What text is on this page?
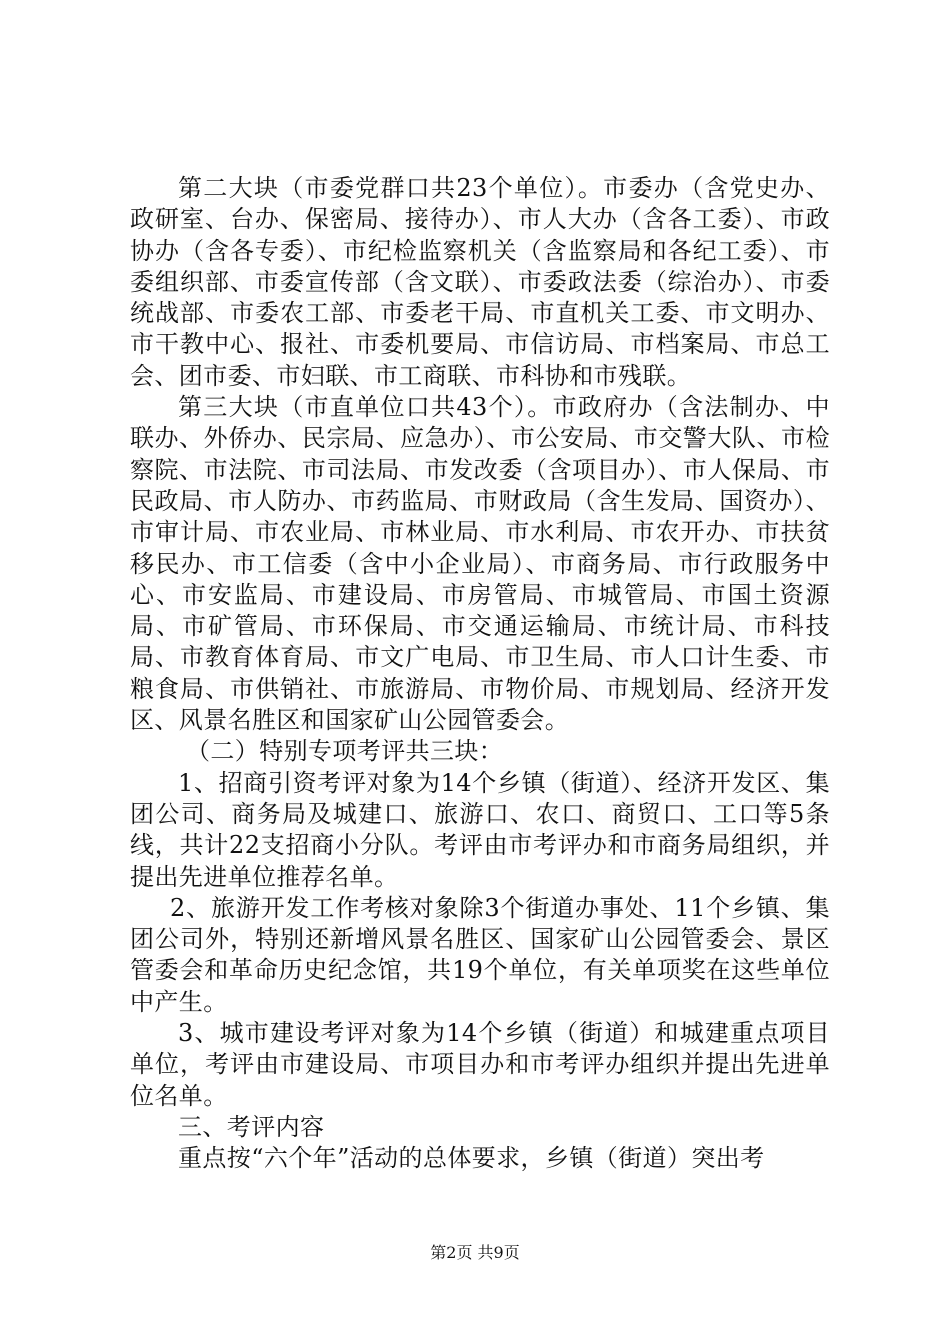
第二大块（市委党群口共23个单位）。市委办（含党史办、政研室、台办、保密局、接待办）、市人大办（含各工委）、市政协办（含各专委）、市纪检监察机关（含监察局和各纪工委）、市委组织部、市委宣传部（含文联）、市委政法委（综治办）、市委统战部、市委农工部、市委老干局、市直机关工委、市文明办、市干教中心、报社、市委机要局、市信访局、市档案局、市总工会、团市委、市妇联、市工商联、市科协和市残联。

第三大块（市直单位口共43个）。市政府办（含法制办、中联办、外侨办、民宗局、应急办）、市公安局、市交警大队、市检察院、市法院、市司法局、市发改委（含项目办）、市人保局、市民政局、市人防办、市药监局、市财政局（含生发局、国资办）、市审计局、市农业局、市林业局、市水利局、市农开办、市扶贫移民办、市工信委（含中小企业局）、市商务局、市行政服务中心、市安监局、市建设局、市房管局、市城管局、市国土资源局、市矿管局、市环保局、市交通运输局、市统计局、市科技局、市教育体育局、市文广电局、市卫生局、市人口计生委、市粮食局、市供销社、市旅游局、市物价局、市规划局、经济开发区、风景名胜区和国家矿山公园管委会。

（二）特别专项考评共三块：

1、招商引资考评对象为14个乡镇（街道）、经济开发区、集团公司、商务局及城建口、旅游口、农口、商贸口、工口等5条线，共计22支招商小分队。考评由市考评办和市商务局组织，并提出先进单位推荐名单。

2、旅游开发工作考核对象除3个街道办事处、11个乡镇、集团公司外，特别还新增风景名胜区、国家矿山公园管委会、景区管委会和革命历史纪念馆，共19个单位，有关单项奖在这些单位中产生。

3、城市建设考评对象为14个乡镇（街道）和城建重点项目单位，考评由市建设局、市项目办和市考评办组织并提出先进单位名单。

三、考评内容

重点按“六个年”活动的总体要求，乡镇（街道）突出考

第2页 共9页
